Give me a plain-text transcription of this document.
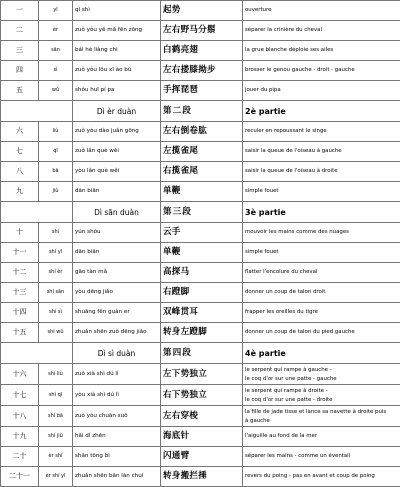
一	yǐ	qǐ shì	起势	ouverture
二	èr	zuǒ yòu yě mǎ fēn zōng	左右野马分鬃	séparer la crinière du cheval
三	sān	bái hè liàng chì	白鹤亮翅	la grue blanche déploie ses ailes
四	sì	zuǒ yòu lōu xī ào bù	左右搂膝拗步	brosser le genou gauche - droit - gauche
五	wǔ	shǒu huī pí pa	手挥琵琶	jouer du pipa
		Dì èr duàn	第二段	2è partie
六	liù	zuǒ yòu dào juǎn gōng	左右倒卷肱	reculer en repoussant le singe
七	qī	zuǒ lǎn què wěi	左揽雀尾	saisir la queue de l'oiseau à gauche
八	bā	yòu lǎn què wěi	右揽雀尾	saisir la queue de l'oiseau à droite
九	jiǔ	dān biān	单鞭	simple fouet
		Dì sān duàn	第三段	3è partie
十	shí	yún shǒu	云手	mouvoir les mains comme des nuages
十一	shí yī	dān biān	单鞭	simple fouet
十二	shí èr	gāo tàn mǎ	高探马	flatter l'encolure du cheval
十三	shí sān	yòu dēng jiǎo	右蹬脚	donner un coup de talon droit
十四	shí sì	shuāng fēn guàn er	双峰贯耳	frapper les oreilles du tigre
十五	shí wǔ	zhuǎn shēn zuǒ dēng jiǎo	转身左蹬脚	donner un coup de talon du pied gauche
		Dì sì duàn	第四段	4è partie
十六	shí liù	zuǒ xià shì dú lì	左下势独立	le serpent qui rampe à gauche -
le coq d'or sur une patte - gauche

十七	shí qī	yòu xià shì dú lì	右下势独立	le serpent qui rampe à droite -
le coq d'or sur une patte - droite

十八	shí bā	zuǒ yòu chuān suō	左右穿梭	la fille de jade tisse et lance sa navette à droite puis
à gauche

十九	shí jiǔ	hǎi dǐ zhēn	海底针	l'aiguille au fond de la mer
二十	èr shí	shǎn tōng bì	闪通臂	séparer les mains - comme un éventail
二十一	èr shí yī	zhuǎn shēn bān lán chuí	转身搬拦捶	revers du poing - pas en avant et coup de poing
